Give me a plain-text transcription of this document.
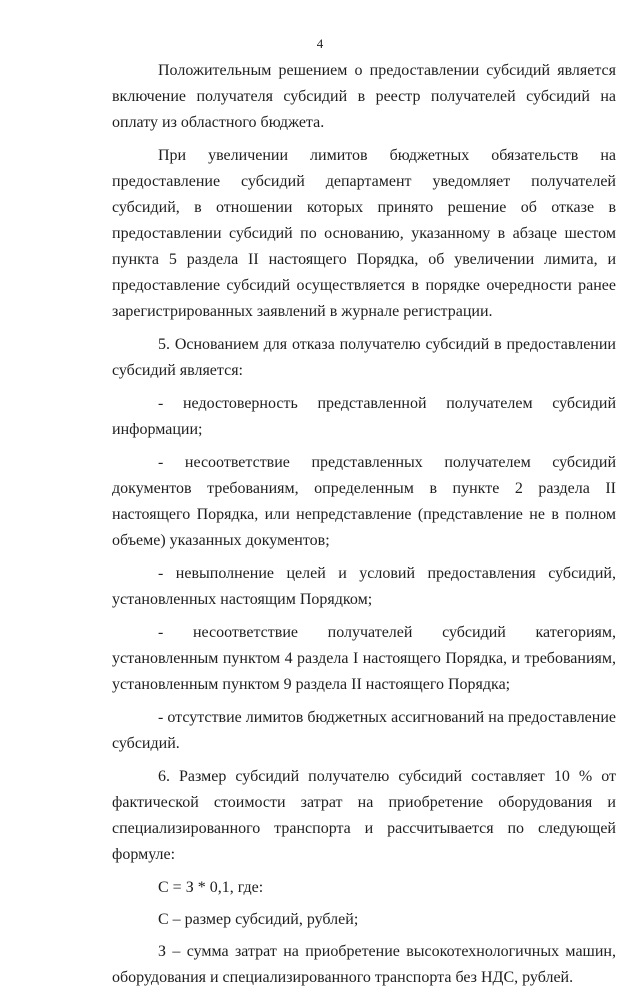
4

Положительным решением о предоставлении субсидий является включение получателя субсидий в реестр получателей субсидий на оплату из областного бюджета.

При увеличении лимитов бюджетных обязательств на предоставление субсидий департамент уведомляет получателей субсидий, в отношении которых принято решение об отказе в предоставлении субсидий по основанию, указанному в абзаце шестом пункта 5 раздела II настоящего Порядка, об увеличении лимита, и предоставление субсидий осуществляется в порядке очередности ранее зарегистрированных заявлений в журнале регистрации.

5. Основанием для отказа получателю субсидий в предоставлении субсидий является:

- недостоверность представленной получателем субсидий информации;

- несоответствие представленных получателем субсидий документов требованиям, определенным в пункте 2 раздела II настоящего Порядка, или непредставление (представление не в полном объеме) указанных документов;

- невыполнение целей и условий предоставления субсидий, установленных настоящим Порядком;

- несоответствие получателей субсидий категориям, установленным пунктом 4 раздела I настоящего Порядка, и требованиям, установленным пунктом 9 раздела II настоящего Порядка;

- отсутствие лимитов бюджетных ассигнований на предоставление субсидий.

6. Размер субсидий получателю субсидий составляет 10 % от фактической стоимости затрат на приобретение оборудования и специализированного транспорта и рассчитывается по следующей формуле:

С = З * 0,1, где:

С – размер субсидий, рублей;

З – сумма затрат на приобретение высокотехнологичных машин, оборудования и специализированного транспорта без НДС, рублей.
